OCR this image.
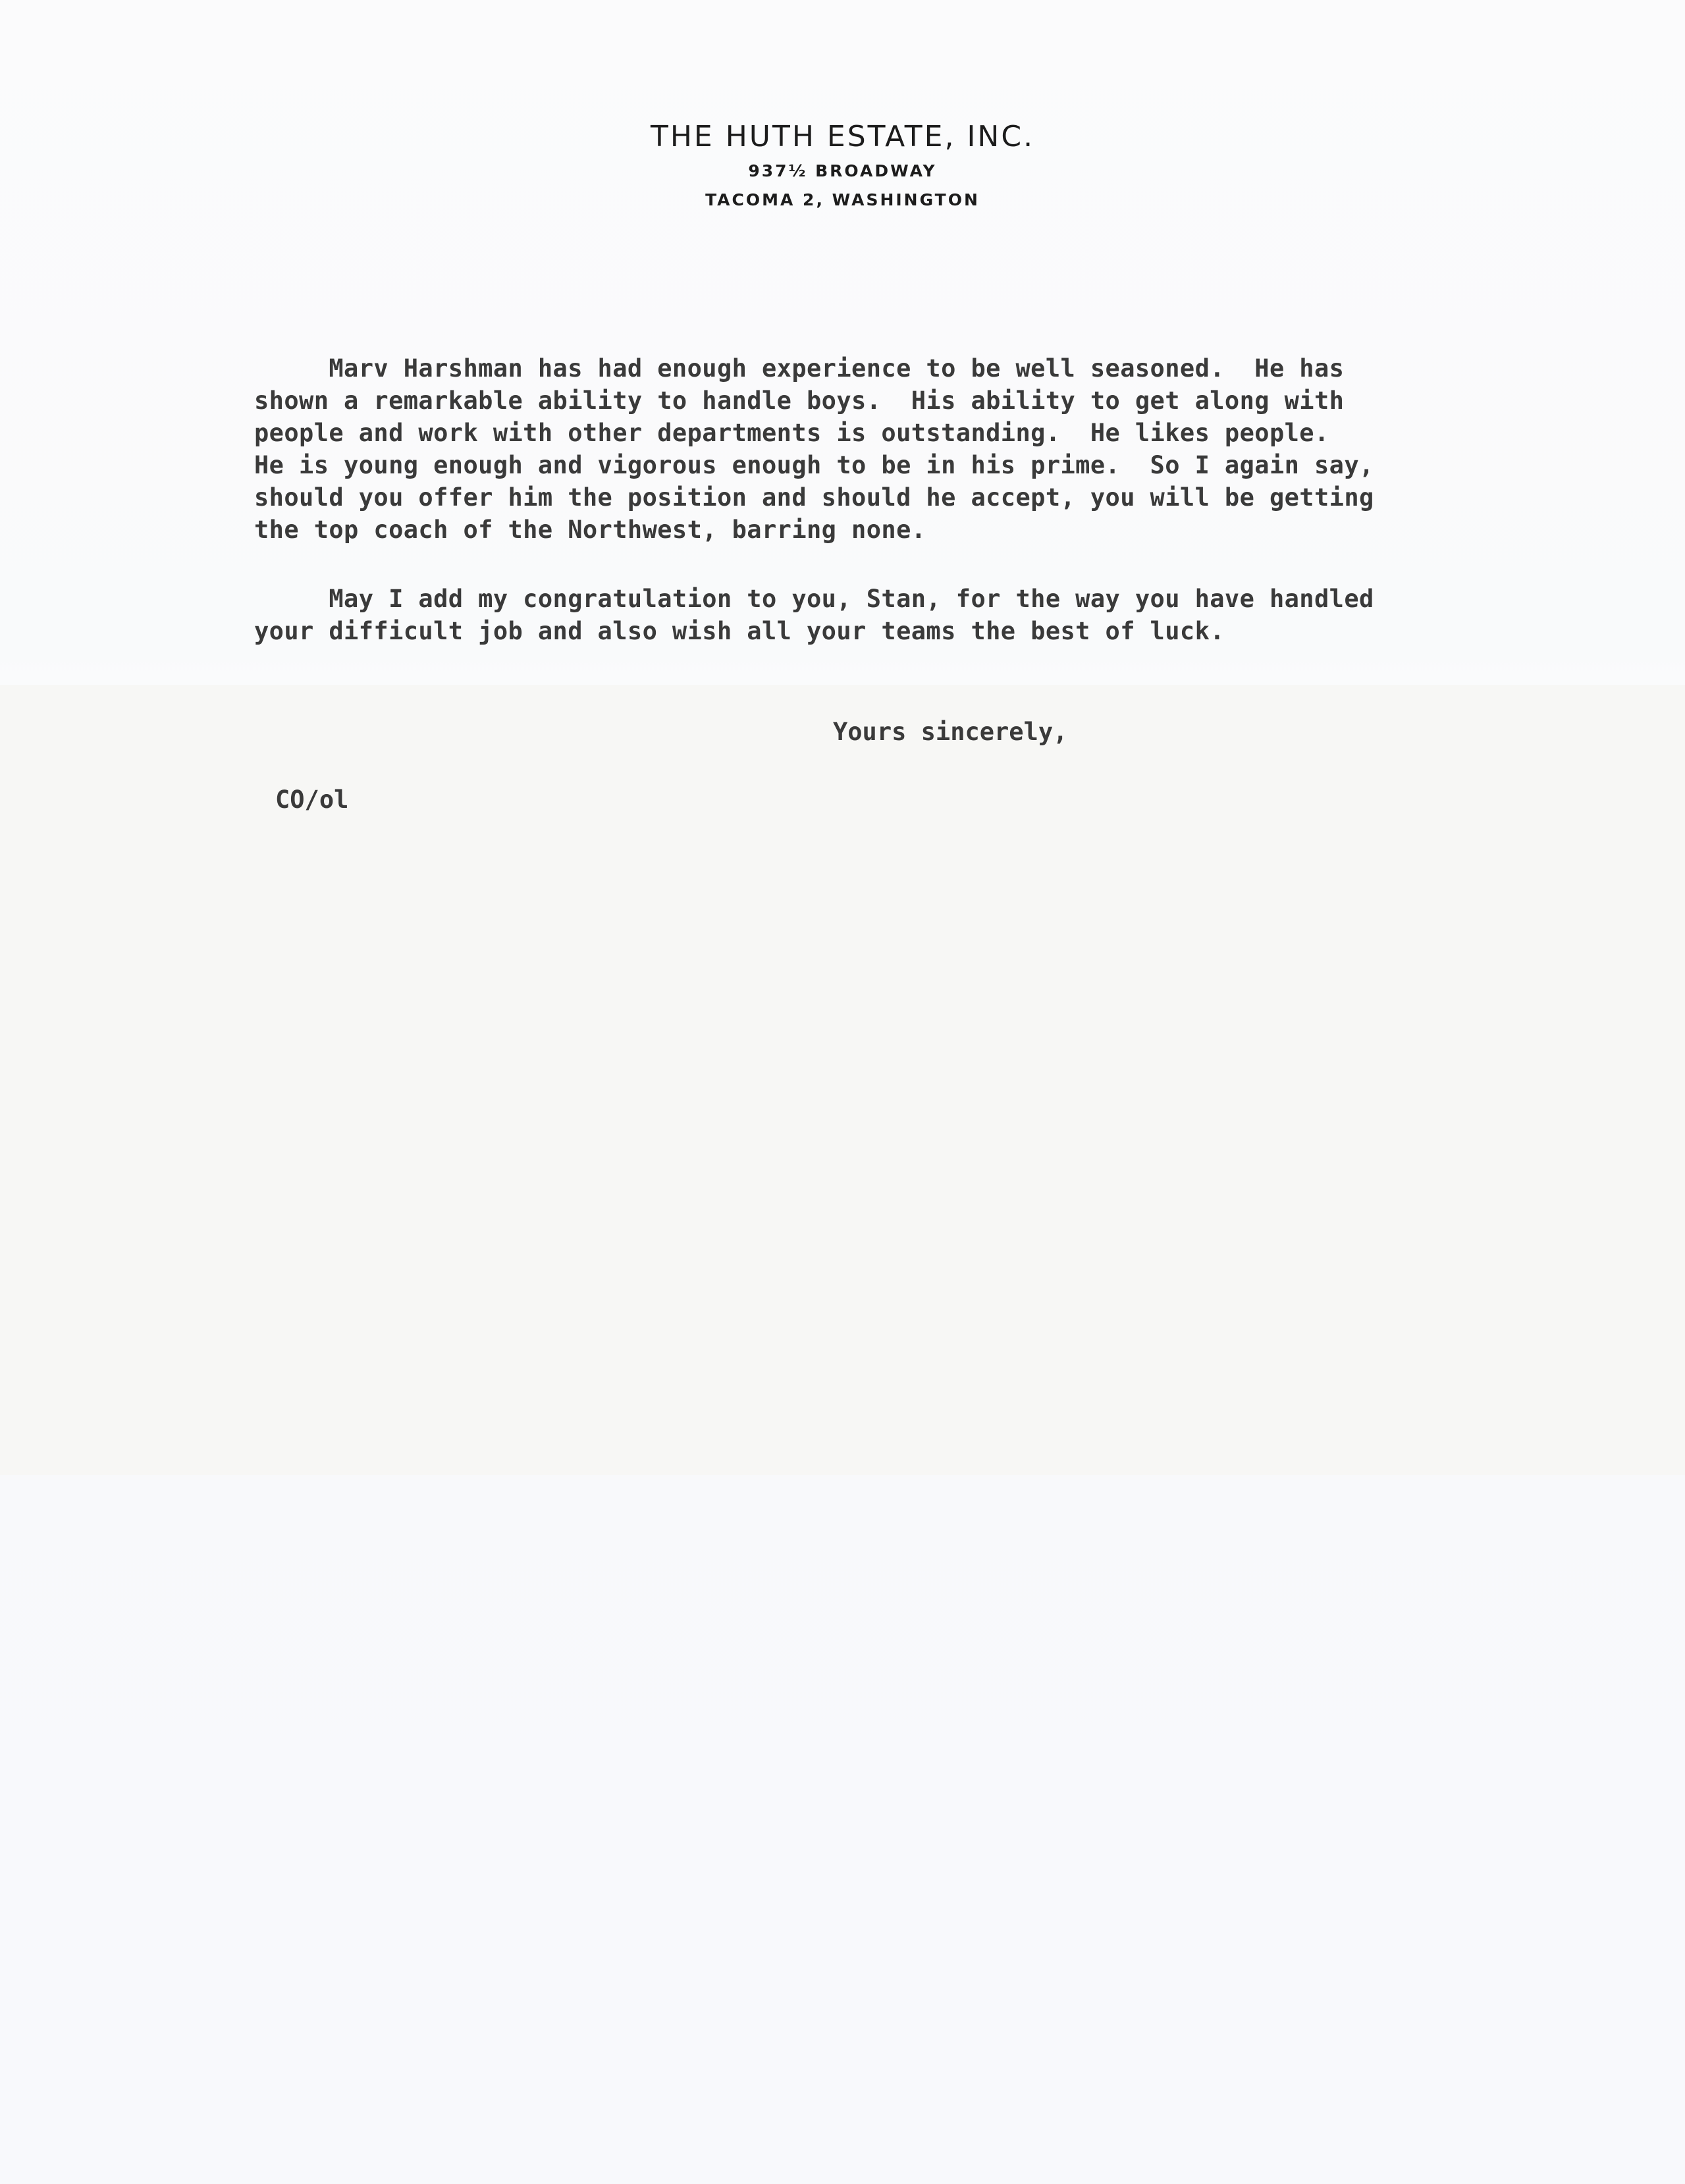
THE HUTH ESTATE, INC.
937½ BROADWAY
TACOMA 2, WASHINGTON
Marv Harshman has had enough experience to be well seasoned.  He has
shown a remarkable ability to handle boys.  His ability to get along with
people and work with other departments is outstanding.  He likes people.
He is young enough and vigorous enough to be in his prime.  So I again say,
should you offer him the position and should he accept, you will be getting
the top coach of the Northwest, barring none.
May I add my congratulation to you, Stan, for the way you have handled
your difficult job and also wish all your teams the best of luck.
Yours sincerely,
CO/ol
